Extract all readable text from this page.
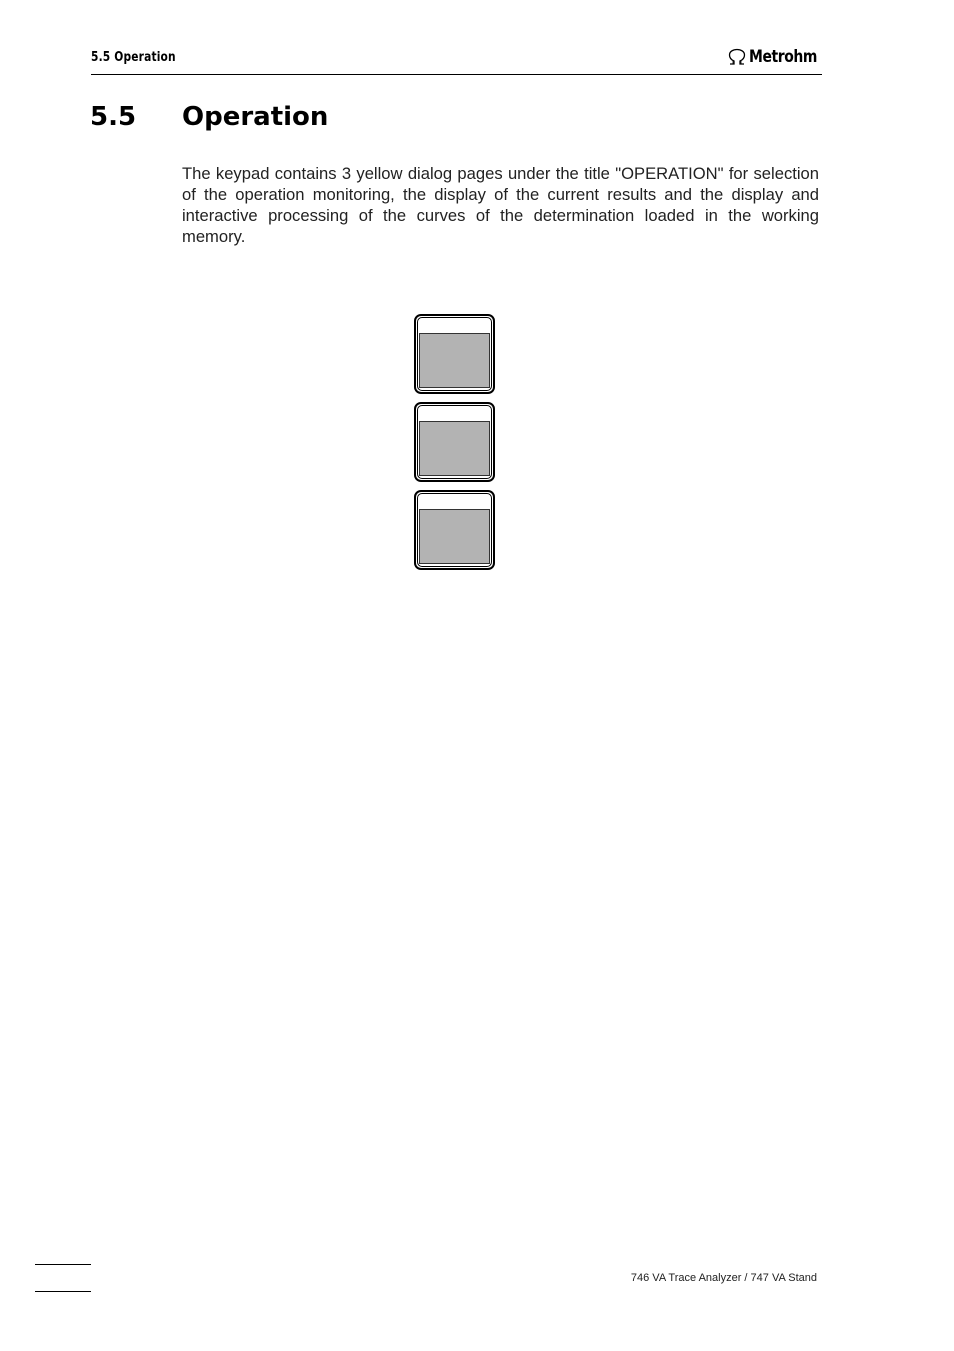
5.5 Operation	Metrohm
5.5 Operation

The keypad contains 3 yellow dialog pages under the title "OPERATION" for selection of the operation monitoring, the display of the current results and the display and interactive processing of the curves of the determination loaded in the working memory.

746 VA Trace Analyzer / 747 VA Stand
